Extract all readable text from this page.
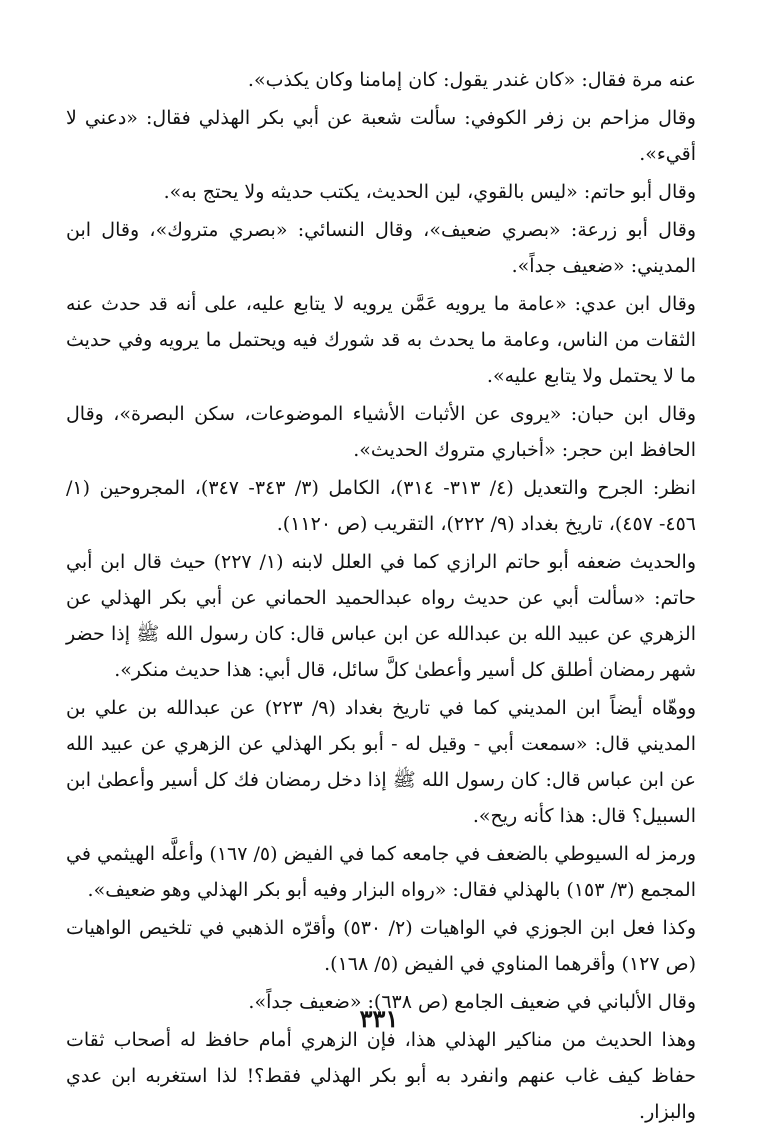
عنه مرة فقال: «كان غندر يقول: كان إمامنا وكان يكذب».

وقال مزاحم بن زفر الكوفي: سألت شعبة عن أبي بكر الهذلي فقال: «دعني لا أقيء».

وقال أبو حاتم: «ليس بالقوي، لين الحديث، يكتب حديثه ولا يحتج به».

وقال أبو زرعة: «بصري ضعيف»، وقال النسائي: «بصري متروك»، وقال ابن المديني: «ضعيف جداً».

وقال ابن عدي: «عامة ما يرويه عَمَّن يرويه لا يتابع عليه، على أنه قد حدث عنه الثقات من الناس، وعامة ما يحدث به قد شورك فيه ويحتمل ما يرويه وفي حديث ما لا يحتمل ولا يتابع عليه».

وقال ابن حبان: «يروى عن الأثبات الأشياء الموضوعات، سكن البصرة»، وقال الحافظ ابن حجر: «أخباري متروك الحديث».

انظر: الجرح والتعديل (٤/ ٣١٣- ٣١٤)، الكامل (٣/ ٣٤٣- ٣٤٧)، المجروحين (١/ ٤٥٦- ٤٥٧)، تاريخ بغداد (٩/ ٢٢٢)، التقريب (ص ١١٢٠).

والحديث ضعفه أبو حاتم الرازي كما في العلل لابنه (١/ ٢٢٧) حيث قال ابن أبي حاتم: «سألت أبي عن حديث رواه عبدالحميد الحماني عن أبي بكر الهذلي عن الزهري عن عبيد الله بن عبدالله عن ابن عباس قال: كان رسول الله ﷺ إذا حضر شهر رمضان أطلق كل أسير وأعطىٰ كلَّ سائل، قال أبي: هذا حديث منكر».

ووهّاه أيضاً ابن المديني كما في تاريخ بغداد (٩/ ٢٢٣) عن عبدالله بن علي بن المديني قال: «سمعت أبي - وقيل له - أبو بكر الهذلي عن الزهري عن عبيد الله عن ابن عباس قال: كان رسول الله ﷺ إذا دخل رمضان فك كل أسير وأعطىٰ ابن السبيل؟ قال: هذا كأنه ريح».

ورمز له السيوطي بالضعف في جامعه كما في الفيض (٥/ ١٦٧) وأعلَّه الهيثمي في المجمع (٣/ ١٥٣) بالهذلي فقال: «رواه البزار وفيه أبو بكر الهذلي وهو ضعيف».

وكذا فعل ابن الجوزي في الواهيات (٢/ ٥٣٠) وأقرّه الذهبي في تلخيص الواهيات (ص ١٢٧) وأقرهما المناوي في الفيض (٥/ ١٦٨).

وقال الألباني في ضعيف الجامع (ص ٦٣٨): «ضعيف جداً».

وهذا الحديث من مناكير الهذلي هذا، فإن الزهري أمام حافظ له أصحاب ثقات حفاظ كيف غاب عنهم وانفرد به أبو بكر الهذلي فقط؟! لذا استغربه ابن عدي والبزار.

٣٣١
